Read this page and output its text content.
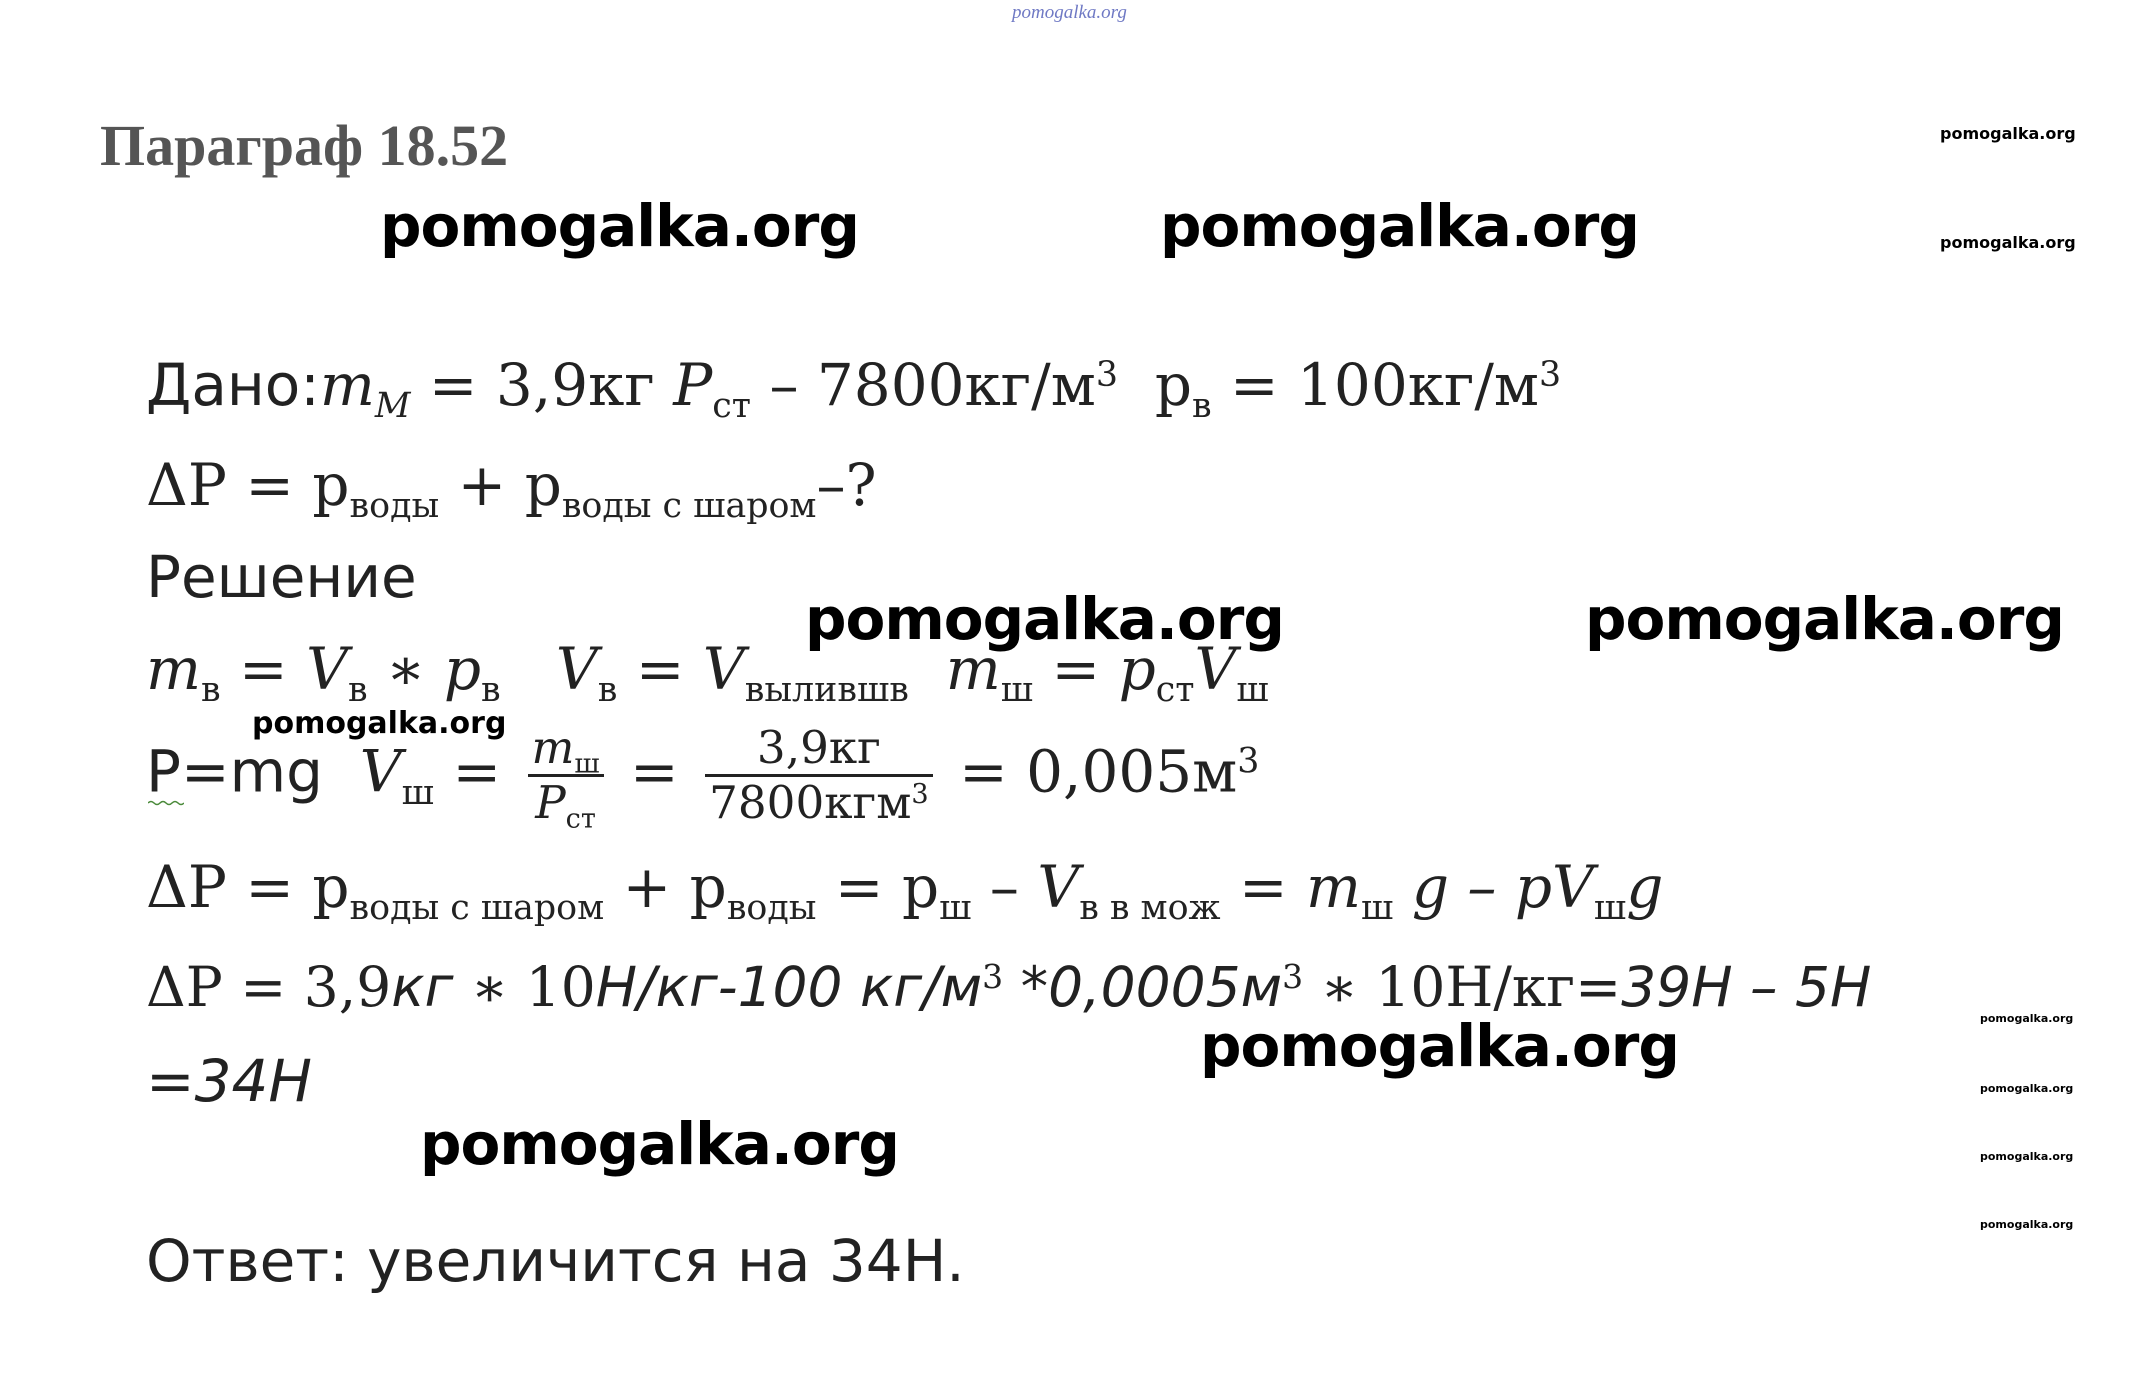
pomogalka.org
Параграф 18.52
pomogalka.org	pomogalka.org
pomogalka.org
pomogalka.org
pomogalka.org	pomogalka.org
pomogalka.org
pomogalka.org
pomogalka.org
pomogalka.org
pomogalka.org
pomogalka.org
pomogalka.org
$Дано:m_M = 3,9кг$ $P_{ст} - 7800кг/м^3$ $р_в = 100кг/м^3$
$\Delta P = р_{воды} + р_{воды с шаром}-$?
Решение
$m_в = V_в$ ∗ $p_в$ $V_в = V_{вылившв}$ $m_ш = p_{ст}V_ш$
P=mg $V_ш = \frac{m_ш}{P_{ст}} = \frac{3,9кг}{7800кгм^3} = 0,005м^3$
$\Delta P = р_{воды с шаром} + р_{воды} = р_ш - V_{в в мож} = m_ш$ g – $pV_шg$
ΔP = 3,9кг ∗ 10Н/кг-100 $кг/м^3$ $*0,0005м^3$ ∗ 10Н/кг=39Н – 5Н
=34Н
Ответ: увеличится на 34Н.
